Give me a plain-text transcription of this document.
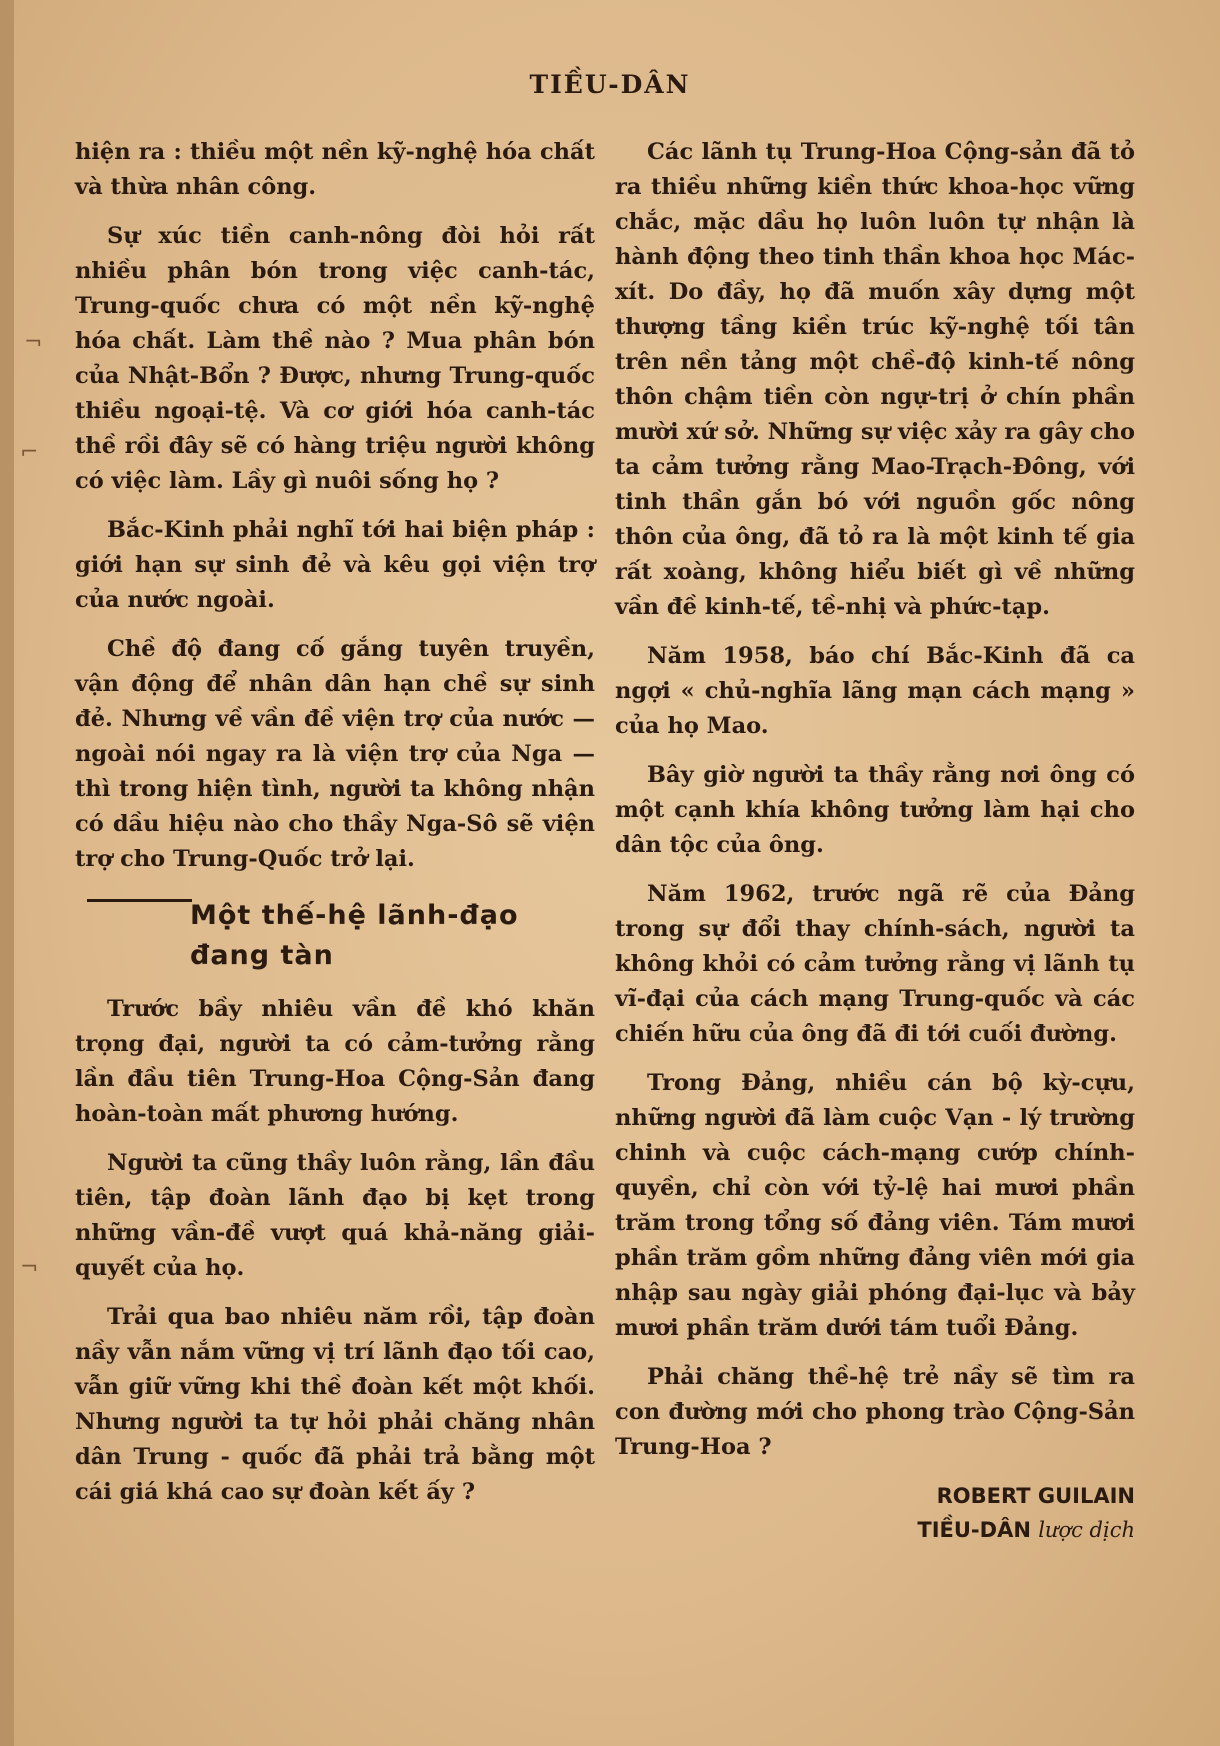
¬
⌐
¬
TIỀU-DÂN

hiện ra : thiều một nền kỹ-nghệ hóa chất và thừa nhân công.

Sự xúc tiền canh-nông đòi hỏi rất nhiều phân bón trong việc canh-tác, Trung-quốc chưa có một nền kỹ-nghệ hóa chất. Làm thề nào ? Mua phân bón của Nhật-Bổn ? Được, nhưng Trung-quốc thiều ngoại-tệ. Và cơ giới hóa canh-tác thề rồi đây sẽ có hàng triệu người không có việc làm. Lầy gì nuôi sống họ ?

Bắc-Kinh phải nghĩ tới hai biện pháp : giới hạn sự sinh đẻ và kêu gọi viện trợ của nước ngoài.

Chề độ đang cố gắng tuyên truyền, vận động để nhân dân hạn chề sự sinh đẻ. Nhưng về vần đề viện trợ của nước — ngoài nói ngay ra là viện trợ của Nga — thì trong hiện tình, người ta không nhận có dầu hiệu nào cho thầy Nga-Sô sẽ viện trợ cho Trung-Quốc trở lại.

Một thế-hệ lãnh-đạo
đang tàn

Trước bầy nhiêu vần đề khó khăn trọng đại, người ta có cảm-tưởng rằng lần đầu tiên Trung-Hoa Cộng-Sản đang hoàn-toàn mất phương hướng.

Người ta cũng thầy luôn rằng, lần đầu tiên, tập đoàn lãnh đạo bị kẹt trong những vần-đề vượt quá khả-năng giải-quyết của họ.

Trải qua bao nhiêu năm rồi, tập đoàn nầy vẫn nắm vững vị trí lãnh đạo tối cao, vẫn giữ vững khi thề đoàn kết một khối. Nhưng người ta tự hỏi phải chăng nhân dân Trung - quốc đã phải trả bằng một cái giá khá cao sự đoàn kết ấy ?

Các lãnh tụ Trung-Hoa Cộng-sản đã tỏ ra thiều những kiền thức khoa-học vững chắc, mặc dầu họ luôn luôn tự nhận là hành động theo tinh thần khoa học Mác-xít. Do đầy, họ đã muốn xây dựng một thượng tầng kiền trúc kỹ-nghệ tối tân trên nền tảng một chề-độ kinh-tế nông thôn chậm tiền còn ngự-trị ở chín phần mười xứ sở. Những sự việc xảy ra gây cho ta cảm tưởng rằng Mao-Trạch-Đông, với tinh thần gắn bó với nguồn gốc nông thôn của ông, đã tỏ ra là một kinh tế gia rất xoàng, không hiểu biết gì về những vần đề kinh-tế, tề-nhị và phức-tạp.

Năm 1958, báo chí Bắc-Kinh đã ca ngợi « chủ-nghĩa lãng mạn cách mạng » của họ Mao.

Bây giờ người ta thầy rằng nơi ông có một cạnh khía không tưởng làm hại cho dân tộc của ông.

Năm 1962, trước ngã rẽ của Đảng trong sự đổi thay chính-sách, người ta không khỏi có cảm tưởng rằng vị lãnh tụ vĩ-đại của cách mạng Trung-quốc và các chiến hữu của ông đã đi tới cuối đường.

Trong Đảng, nhiều cán bộ kỳ-cựu, những người đã làm cuộc Vạn - lý trường chinh và cuộc cách-mạng cướp chính-quyền, chỉ còn với tỷ-lệ hai mươi phần trăm trong tổng số đảng viên. Tám mươi phần trăm gồm những đảng viên mới gia nhập sau ngày giải phóng đại-lục và bảy mươi phần trăm dưới tám tuổi Đảng.

Phải chăng thề-hệ trẻ nầy sẽ tìm ra con đường mới cho phong trào Cộng-Sản Trung-Hoa ?

ROBERT GUILAIN
TIỀU-DÂN lược dịch
